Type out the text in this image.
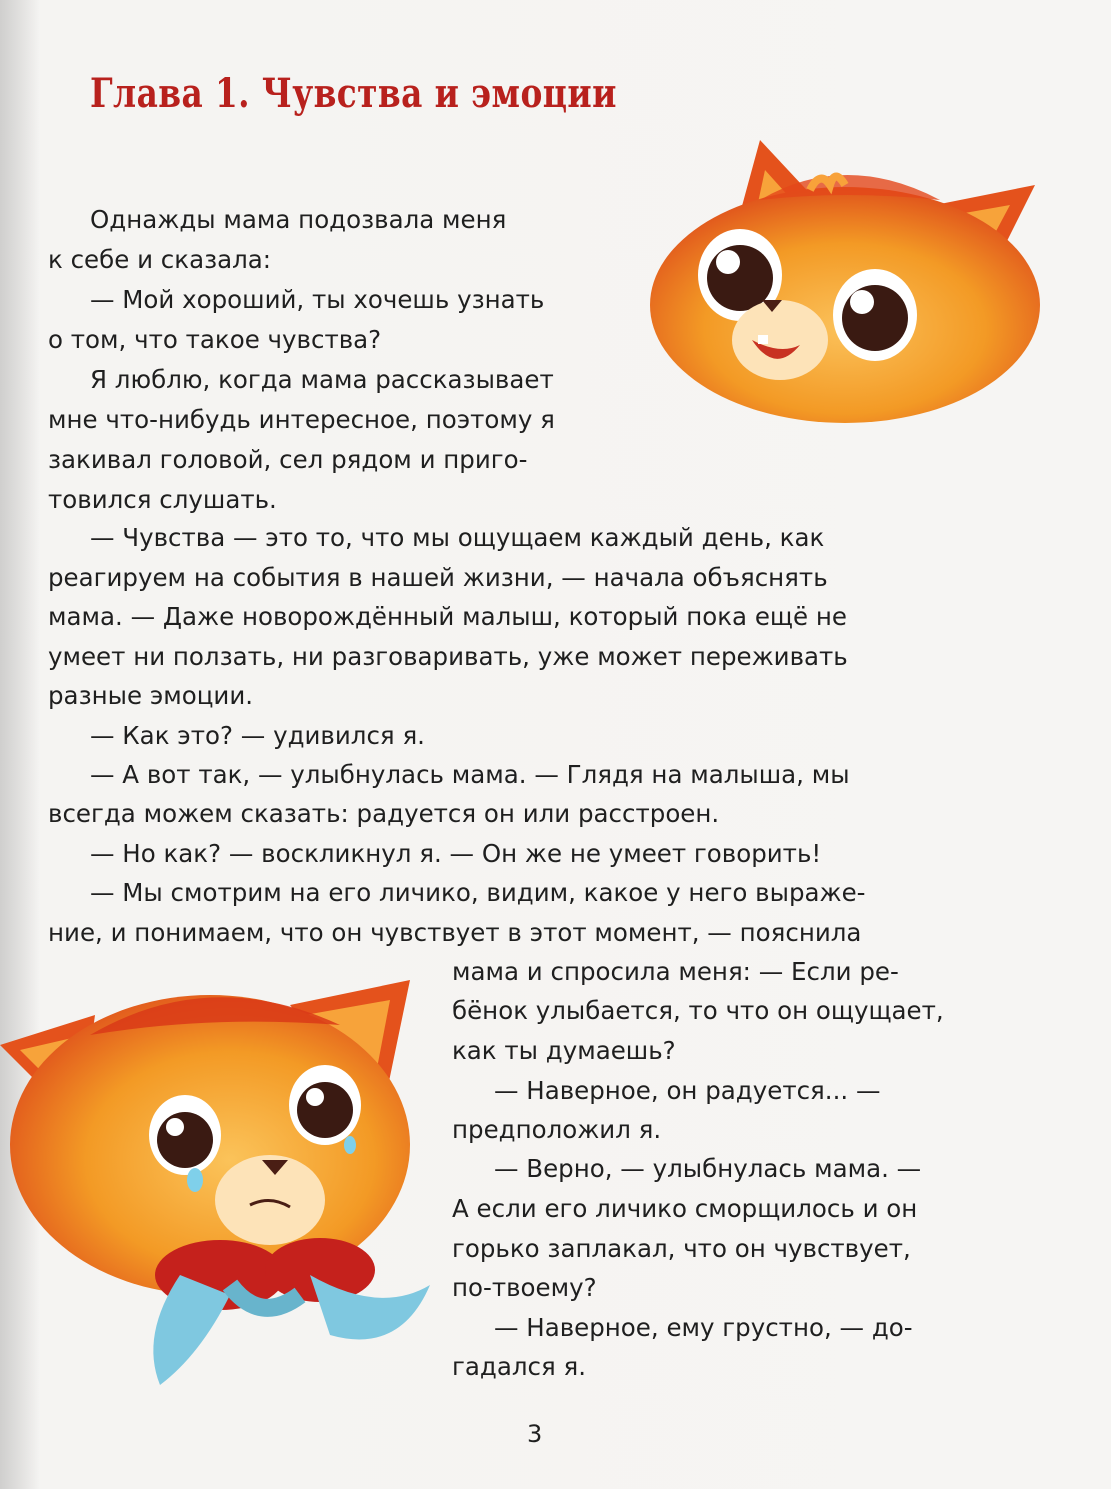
Глава 1. Чувства и эмоции
Однажды мама подозвала меня
к себе и сказала:
— Мой хороший, ты хочешь узнать
о том, что такое чувства?
Я люблю, когда мама рассказывает
мне что-нибудь интересное, поэтому я
закивал головой, сел рядом и приго-
товился слушать.
— Чувства — это то, что мы ощущаем каждый день, как
реагируем на события в нашей жизни, — начала объяснять
мама. — Даже новорождённый малыш, который пока ещё не
умеет ни ползать, ни разговаривать, уже может переживать
разные эмоции.
— Как это? — удивился я.
— А вот так, — улыбнулась мама. — Глядя на малыша, мы
всегда можем сказать: радуется он или расстроен.
— Но как? — воскликнул я. — Он же не умеет говорить!
— Мы смотрим на его личико, видим, какое у него выраже-
ние, и понимаем, что он чувствует в этот момент, — пояснила
мама и спросила меня: — Если ре-
бёнок улыбается, то что он ощущает,
как ты думаешь?
— Наверное, он радуется... —
предположил я.
— Верно, — улыбнулась мама. —
А если его личико сморщилось и он
горько заплакал, что он чувствует,
по-твоему?
— Наверное, ему грустно, — до-
гадался я.
3
